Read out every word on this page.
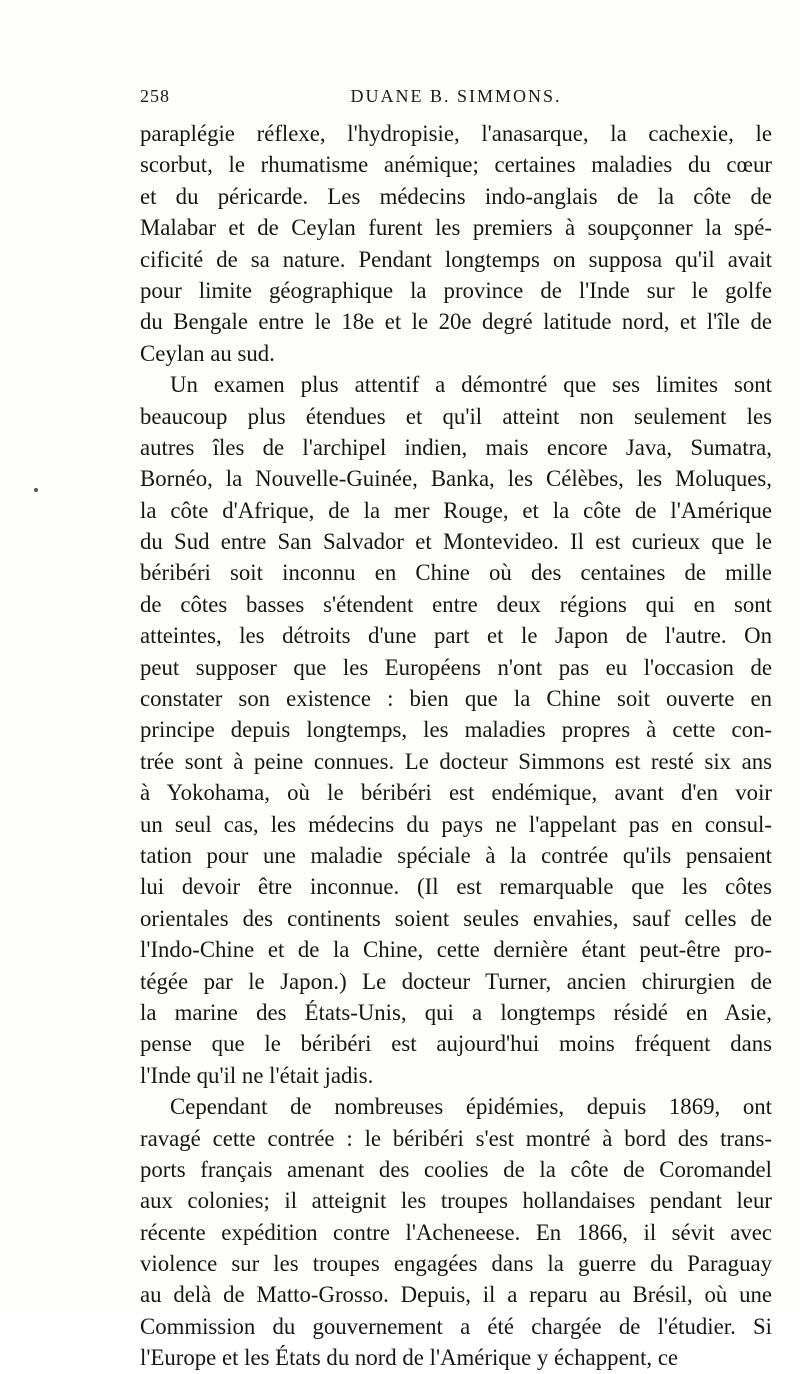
258	DUANE B. SIMMONS.
paraplégie réflexe, l'hydropisie, l'anasarque, la cachexie, le
scorbut, le rhumatisme anémique; certaines maladies du cœur
et du péricarde. Les médecins indo-anglais de la côte de
Malabar et de Ceylan furent les premiers à soupçonner la spé-
cificité de sa nature. Pendant longtemps on supposa qu'il avait
pour limite géographique la province de l'Inde sur le golfe
du Bengale entre le 18e et le 20e degré latitude nord, et l'île de
Ceylan au sud.
Un examen plus attentif a démontré que ses limites sont
beaucoup plus étendues et qu'il atteint non seulement les
autres îles de l'archipel indien, mais encore Java, Sumatra,
Bornéo, la Nouvelle-Guinée, Banka, les Célèbes, les Moluques,
la côte d'Afrique, de la mer Rouge, et la côte de l'Amérique
du Sud entre San Salvador et Montevideo. Il est curieux que le
béribéri soit inconnu en Chine où des centaines de mille
de côtes basses s'étendent entre deux régions qui en sont
atteintes, les détroits d'une part et le Japon de l'autre. On
peut supposer que les Européens n'ont pas eu l'occasion de
constater son existence : bien que la Chine soit ouverte en
principe depuis longtemps, les maladies propres à cette con-
trée sont à peine connues. Le docteur Simmons est resté six ans
à Yokohama, où le béribéri est endémique, avant d'en voir
un seul cas, les médecins du pays ne l'appelant pas en consul-
tation pour une maladie spéciale à la contrée qu'ils pensaient
lui devoir être inconnue. (Il est remarquable que les côtes
orientales des continents soient seules envahies, sauf celles de
l'Indo-Chine et de la Chine, cette dernière étant peut-être pro-
tégée par le Japon.) Le docteur Turner, ancien chirurgien de
la marine des États-Unis, qui a longtemps résidé en Asie,
pense que le béribéri est aujourd'hui moins fréquent dans
l'Inde qu'il ne l'était jadis.
Cependant de nombreuses épidémies, depuis 1869, ont
ravagé cette contrée : le béribéri s'est montré à bord des trans-
ports français amenant des coolies de la côte de Coromandel
aux colonies; il atteignit les troupes hollandaises pendant leur
récente expédition contre l'Acheneese. En 1866, il sévit avec
violence sur les troupes engagées dans la guerre du Paraguay
au delà de Matto-Grosso. Depuis, il a reparu au Brésil, où une
Commission du gouvernement a été chargée de l'étudier. Si
l'Europe et les États du nord de l'Amérique y échappent, ce
